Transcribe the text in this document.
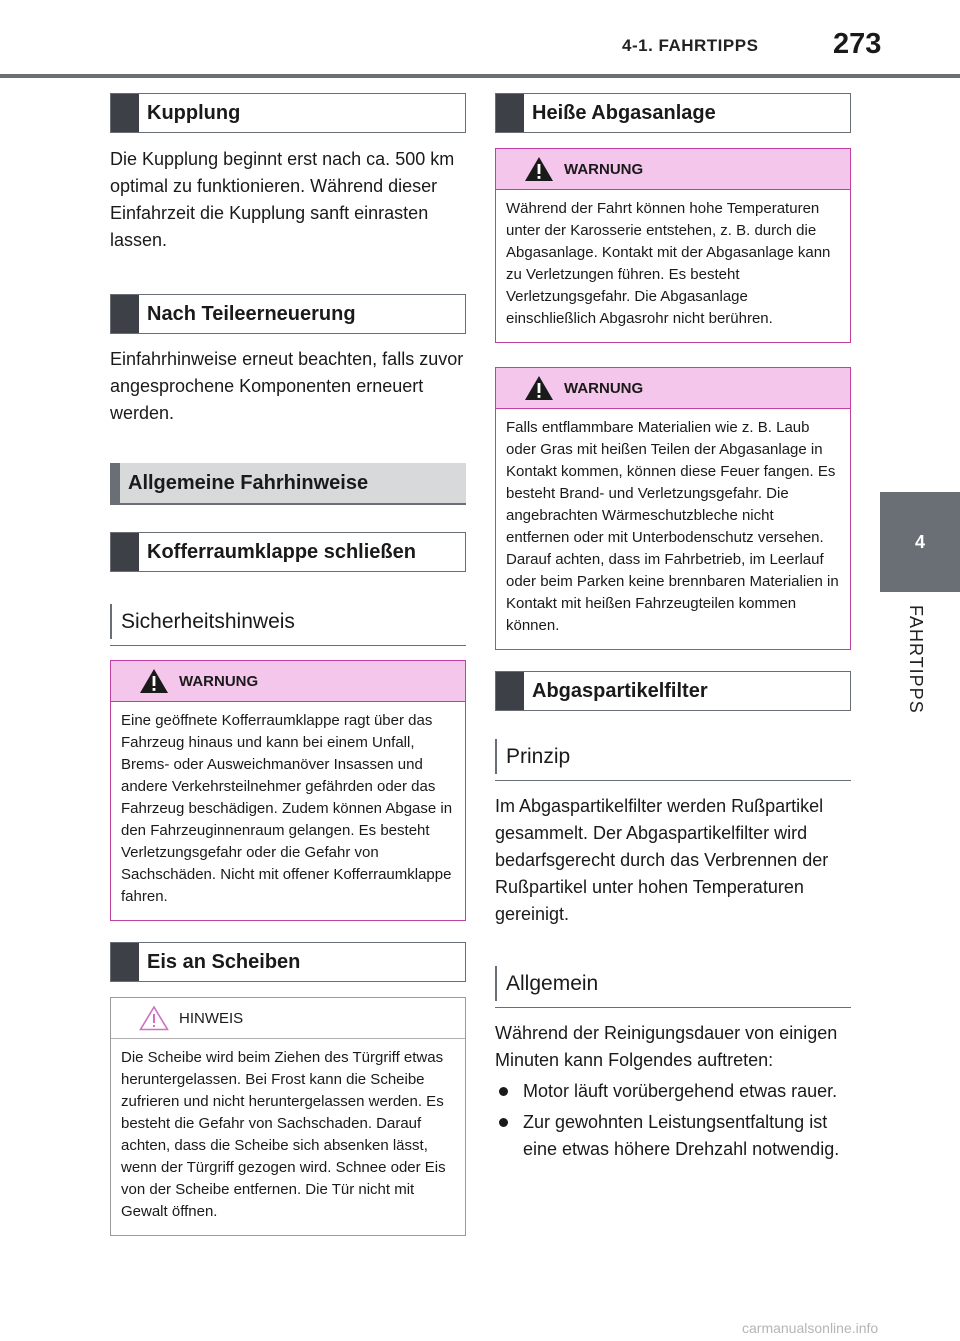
4-1. FAHRTIPPS	273
4
FAHRTIPPS
Kupplung

Die Kupplung beginnt erst nach ca. 500 km optimal zu funktionieren. Während dieser Einfahrzeit die Kupplung sanft einrasten lassen.

Nach Teileerneuerung

Einfahrhinweise erneut beachten, falls zuvor angesprochene Komponenten erneuert werden.

Allgemeine Fahrhinweise
Kofferraumklappe schließen
Sicherheitshinweis
WARNUNG
Eine geöffnete Kofferraumklappe ragt über das Fahrzeug hinaus und kann bei einem Unfall, Brems- oder Ausweichmanöver Insassen und andere Verkehrsteilnehmer gefährden oder das Fahrzeug beschädigen. Zudem können Abgase in den Fahrzeuginnenraum gelangen. Es besteht Verletzungsgefahr oder die Gefahr von Sachschäden. Nicht mit offener Kofferraumklappe fahren.
Eis an Scheiben
HINWEIS
Die Scheibe wird beim Ziehen des Türgriff etwas heruntergelassen. Bei Frost kann die Scheibe zufrieren und nicht heruntergelassen werden. Es besteht die Gefahr von Sachschaden. Darauf achten, dass die Scheibe sich absenken lässt, wenn der Türgriff gezogen wird. Schnee oder Eis von der Scheibe entfernen. Die Tür nicht mit Gewalt öffnen.
Heiße Abgasanlage
WARNUNG
Während der Fahrt können hohe Temperaturen unter der Karosserie entstehen, z. B. durch die Abgasanlage. Kontakt mit der Abgasanlage kann zu Verletzungen führen. Es besteht Verletzungsgefahr. Die Abgasanlage einschließlich Abgasrohr nicht berühren.
WARNUNG
Falls entflammbare Materialien wie z. B. Laub oder Gras mit heißen Teilen der Abgasanlage in Kontakt kommen, können diese Feuer fangen. Es besteht Brand- und Verletzungsgefahr. Die angebrachten Wärmeschutzbleche nicht entfernen oder mit Unterbodenschutz versehen. Darauf achten, dass im Fahrbetrieb, im Leerlauf oder beim Parken keine brennbaren Materialien in Kontakt mit heißen Fahrzeugteilen kommen können.
Abgaspartikelfilter
Prinzip

Im Abgaspartikelfilter werden Rußpartikel gesammelt. Der Abgaspartikelfilter wird bedarfsgerecht durch das Verbrennen der Rußpartikel unter hohen Temperaturen gereinigt.

Allgemein

Während der Reinigungsdauer von einigen Minuten kann Folgendes auftreten:

Motor läuft vorübergehend etwas rauer.
Zur gewohnten Leistungsentfaltung ist eine etwas höhere Drehzahl notwendig.
carmanualsonline.info
